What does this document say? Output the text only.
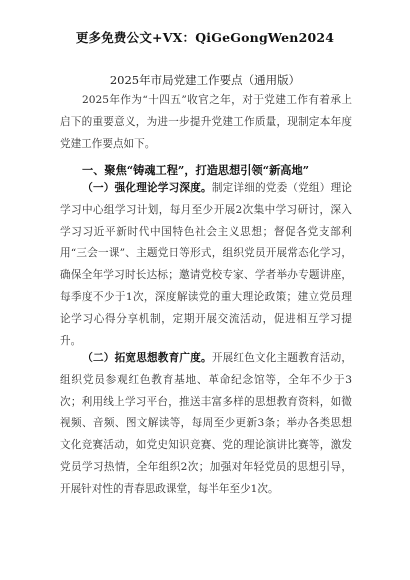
更多免费公文+VX：QiGeGongWen2024
2025年市局党建工作要点（通用版）

2025年作为“十四五”收官之年，对于党建工作有着承上启下的重要意义，为进一步提升党建工作质量，现制定本年度党建工作要点如下。

一、聚焦“铸魂工程”，打造思想引领“新高地”

（一）强化理论学习深度。制定详细的党委（党组）理论学习中心组学习计划，每月至少开展2次集中学习研讨，深入学习习近平新时代中国特色社会主义思想；督促各党支部利用“三会一课”、主题党日等形式，组织党员开展常态化学习，确保全年学习时长达标；邀请党校专家、学者举办专题讲座，每季度不少于1次，深度解读党的重大理论政策；建立党员理论学习心得分享机制，定期开展交流活动，促进相互学习提升。

（二）拓宽思想教育广度。开展红色文化主题教育活动，组织党员参观红色教育基地、革命纪念馆等，全年不少于3次；利用线上学习平台，推送丰富多样的思想教育资料，如微视频、音频、图文解读等，每周至少更新3条；举办各类思想文化竞赛活动，如党史知识竞赛、党的理论演讲比赛等，激发党员学习热情，全年组织2次；加强对年轻党员的思想引导，开展针对性的青春思政课堂，每半年至少1次。
